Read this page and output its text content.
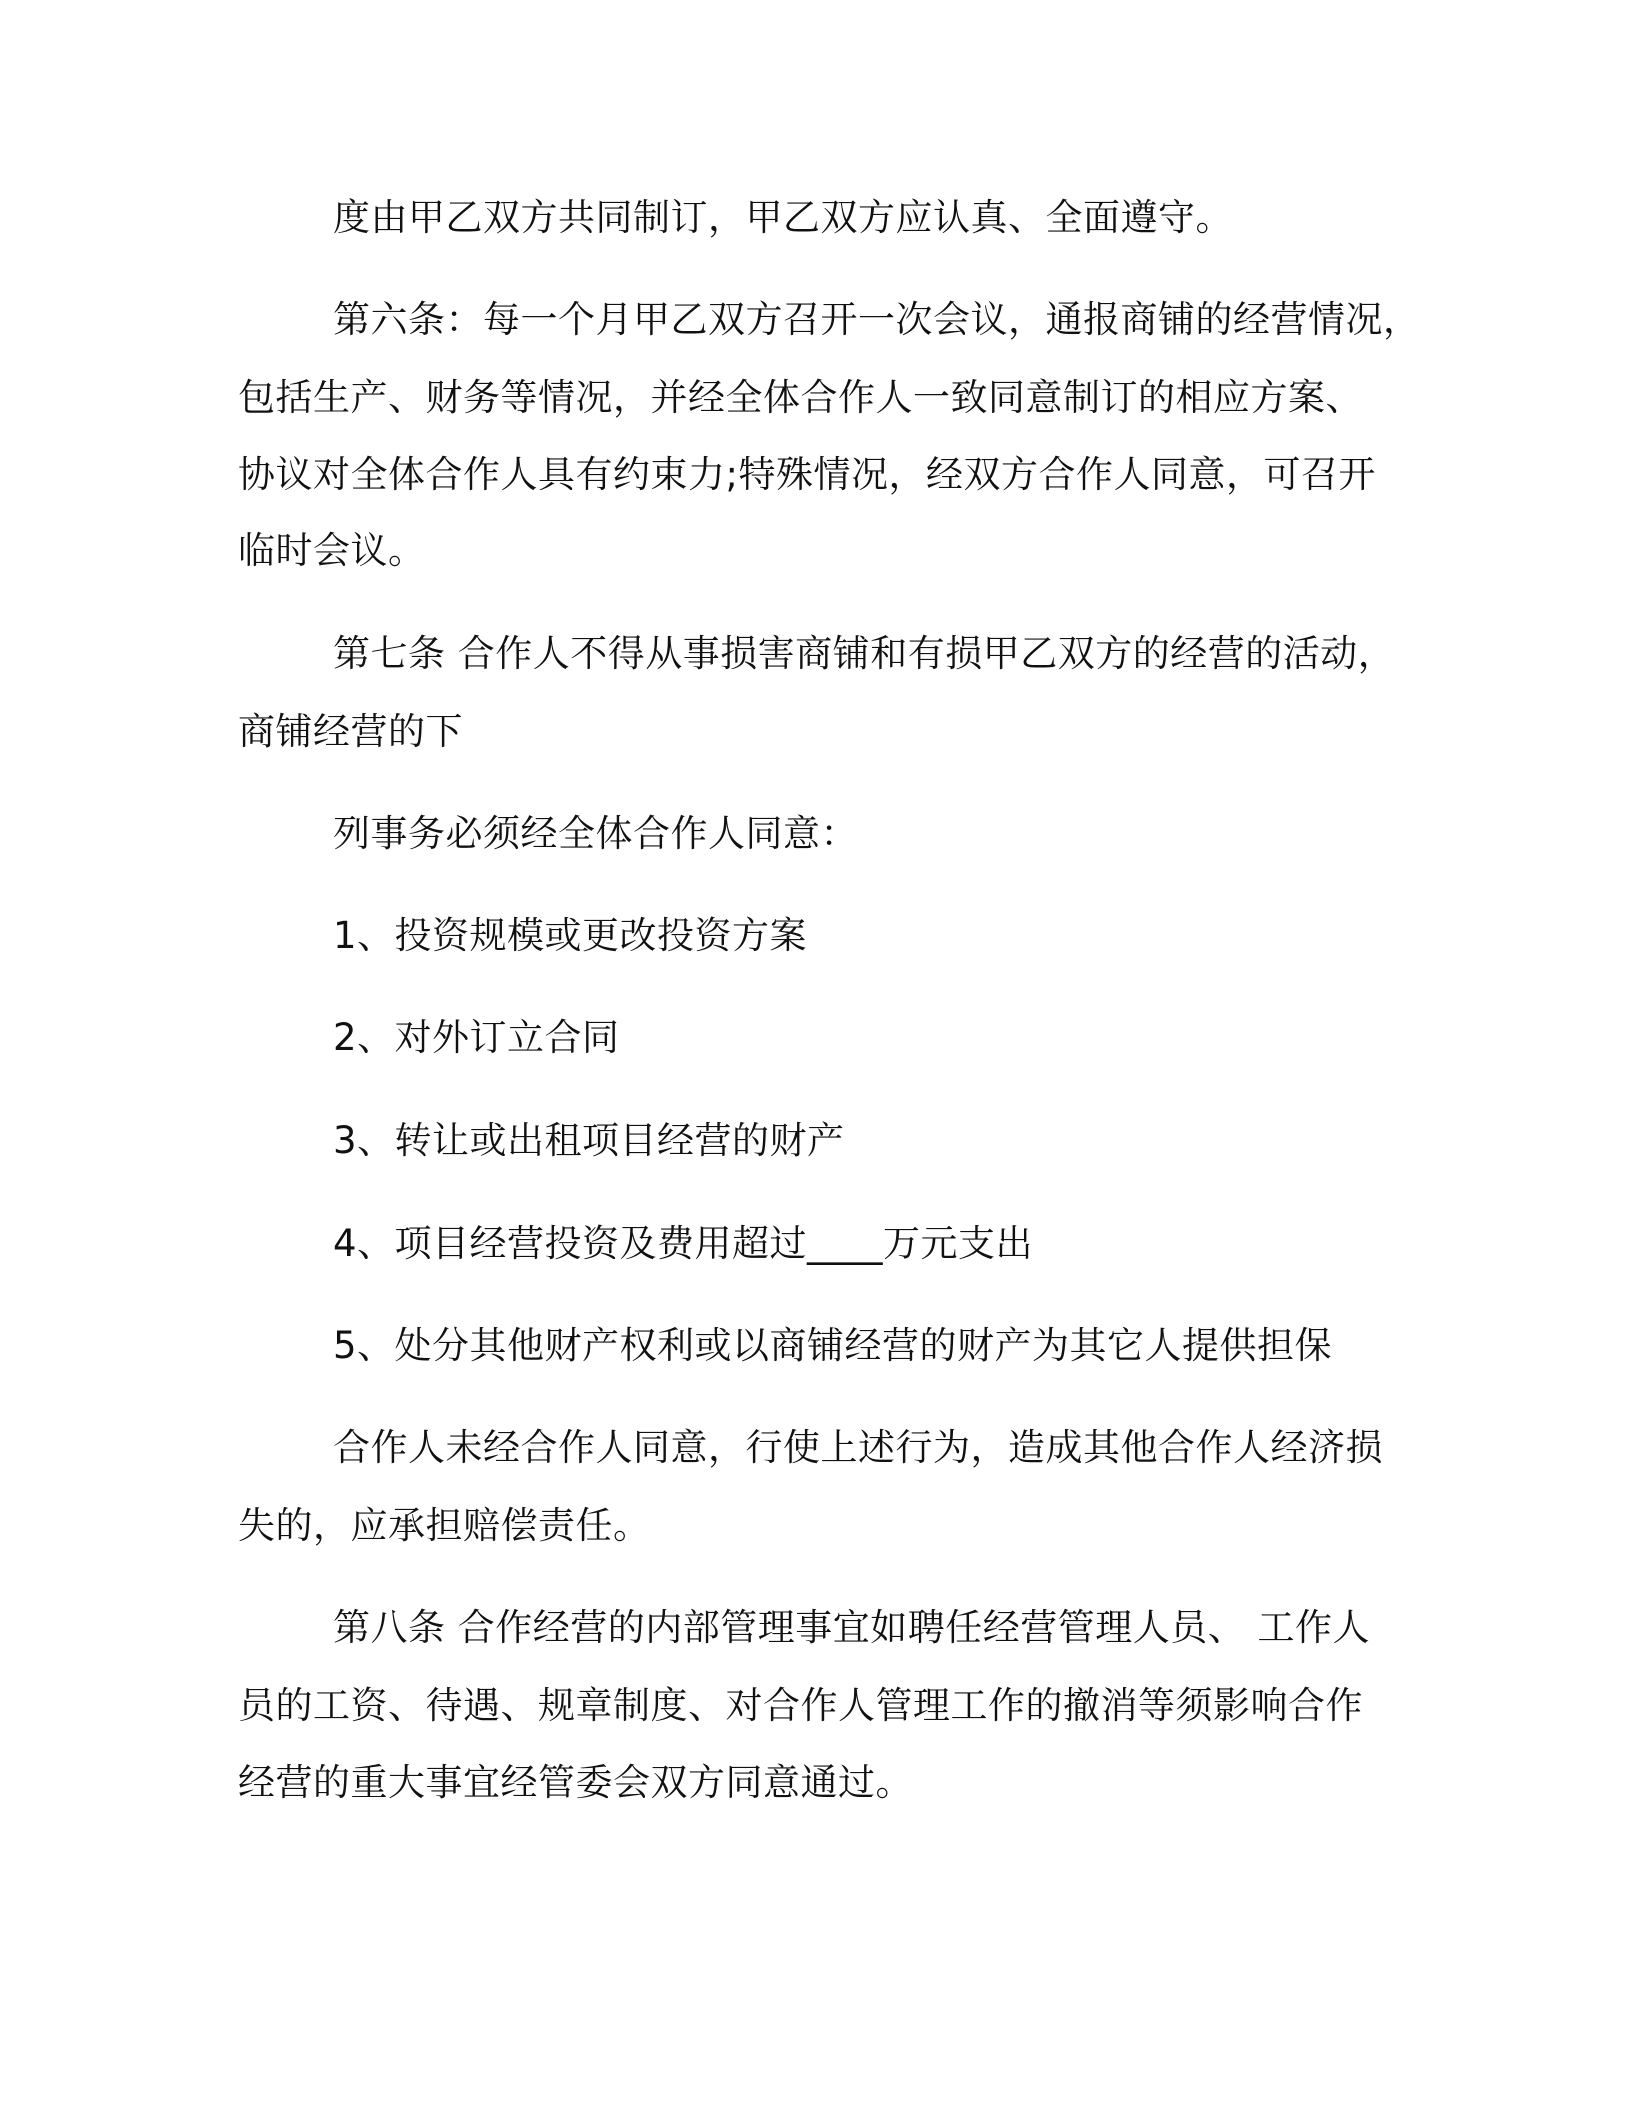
度由甲乙双方共同制订，甲乙双方应认真、全面遵守。
第六条：每一个月甲乙双方召开一次会议，通报商铺的经营情况，
包括生产、财务等情况，并经全体合作人一致同意制订的相应方案、
协议对全体合作人具有约束力;特殊情况，经双方合作人同意，可召开
临时会议。
第七条 合作人不得从事损害商铺和有损甲乙双方的经营的活动，
商铺经营的下
列事务必须经全体合作人同意：
1、投资规模或更改投资方案
2、对外订立合同
3、转让或出租项目经营的财产
4、项目经营投资及费用超过____万元支出
5、处分其他财产权利或以商铺经营的财产为其它人提供担保
合作人未经合作人同意，行使上述行为，造成其他合作人经济损
失的，应承担赔偿责任。
第八条 合作经营的内部管理事宜如聘任经营管理人员、 工作人
员的工资、待遇、规章制度、对合作人管理工作的撤消等须影响合作
经营的重大事宜经管委会双方同意通过。
